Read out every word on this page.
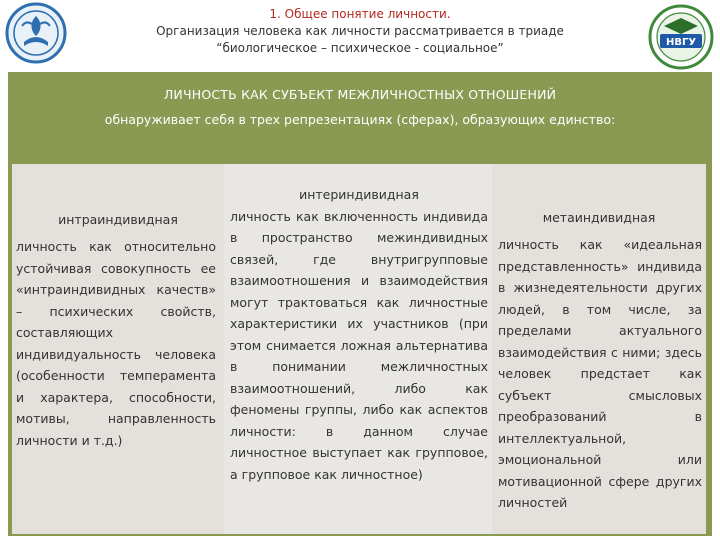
1. Общее понятие личности.
Организация человека как личности рассматривается в триаде
“биологическое – психическое - социальное”	НВГУ
ЛИЧНОСТЬ КАК СУБЪЕКТ МЕЖЛИЧНОСТНЫХ ОТНОШЕНИЙ
обнаруживает себя в трех репрезентациях (сферах), образующих единство:
интраиндивидная
личность как относительно устойчивая совокупность ее «интраиндивидных качеств» – психических свойств, составляющих индивидуальность человека (особенности темперамента и характера, способности, мотивы, направленность личности и т.д.)
интериндивидная
личность как включенность индивида в пространство межиндивидных связей, где внутригрупповые взаимоотношения и взаимодействия могут трактоваться как личностные характеристики их участников (при этом снимается ложная альтернатива в понимании межличностных взаимоотношений, либо как феномены группы, либо как аспектов личности: в данном случае личностное выступает как групповое, а групповое как личностное)
метаиндивидная
личность как «идеальная представленность» индивида в жизнедеятельности других людей, в том числе, за пределами актуального взаимодействия с ними; здесь человек предстает как субъект смысловых преобразований в интеллектуальной, эмоциональной или мотивационной сфере других личностей
